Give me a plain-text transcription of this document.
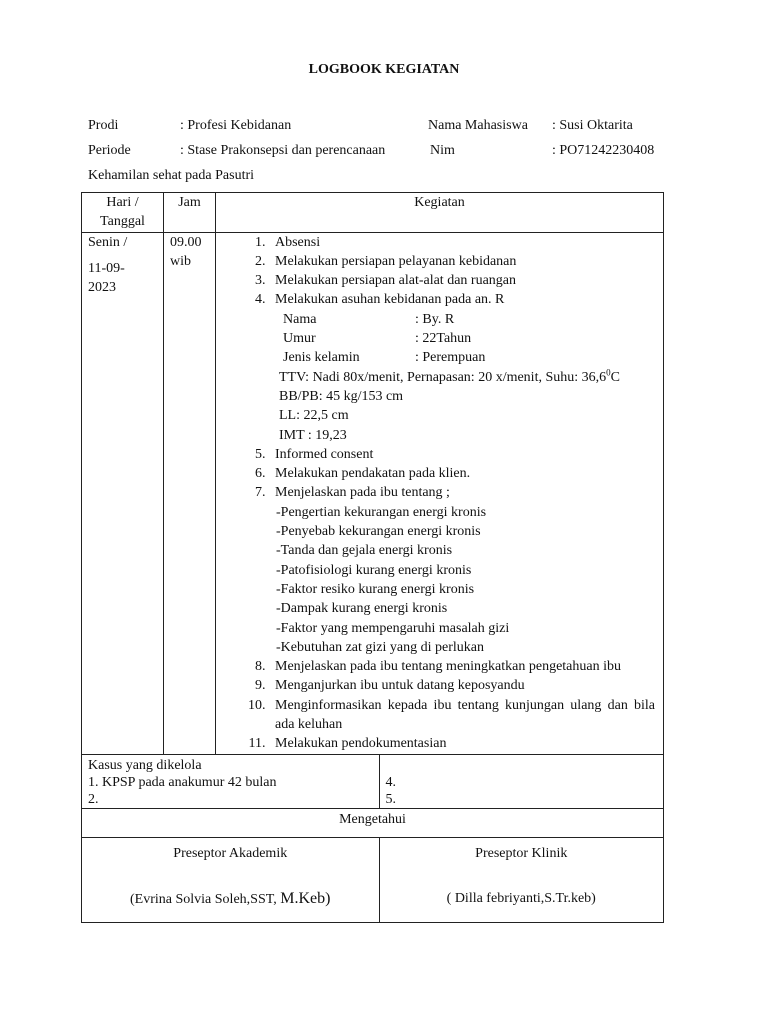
LOGBOOK KEGIATAN
Prodi	: Profesi Kebidanan	Nama Mahasiswa : Susi Oktarita
Periode	: Stase Prakonsepsi dan perencanaan	Nim	: PO71242230408
Kehamilan sehat pada Pasutri
Hari /
Tanggal
	Jam	Kegiatan

Senin /
11-09-
2023

09.00
wib

1. Absensi
2. Melakukan persiapan pelayanan kebidanan
3. Melakukan persiapan alat-alat dan ruangan
4. Melakukan asuhan kebidanan pada an. R
Nama	: By. R
Umur	: 22Tahun
Jenis kelamin	: Perempuan
TTV: Nadi 80x/menit, Pernapasan: 20 x/menit, Suhu: 36,6$^0$C
BB/PB: 45 kg/153 cm
LL: 22,5 cm
IMT : 19,23
5. Informed consent
6. Melakukan pendakatan pada klien.
7. Menjelaskan pada ibu tentang ;
-Pengertian kekurangan energi kronis
-Penyebab kekurangan energi kronis
-Tanda dan gejala energi kronis
-Patofisiologi kurang energi kronis
-Faktor resiko kurang energi kronis
-Dampak kurang energi kronis
-Faktor yang mempengaruhi masalah gizi
-Kebutuhan zat gizi yang di perlukan
8. Menjelaskan pada ibu tentang meningkatkan pengetahuan ibu
9. Menganjurkan ibu untuk datang keposyandu
10. Menginformasikan kepada ibu tentang kunjungan ulang dan bila ada keluhan
11. Melakukan pendokumentasian

Kasus yang dikelola
1. KPSP pada anakumur 42 bulan
2.

4.
5.

Mengetahui

Preseptor Akademik
(Evrina Solvia Soleh,SST, M.Keb)

Preseptor Klinik
( Dilla febriyanti,S.Tr.keb)
